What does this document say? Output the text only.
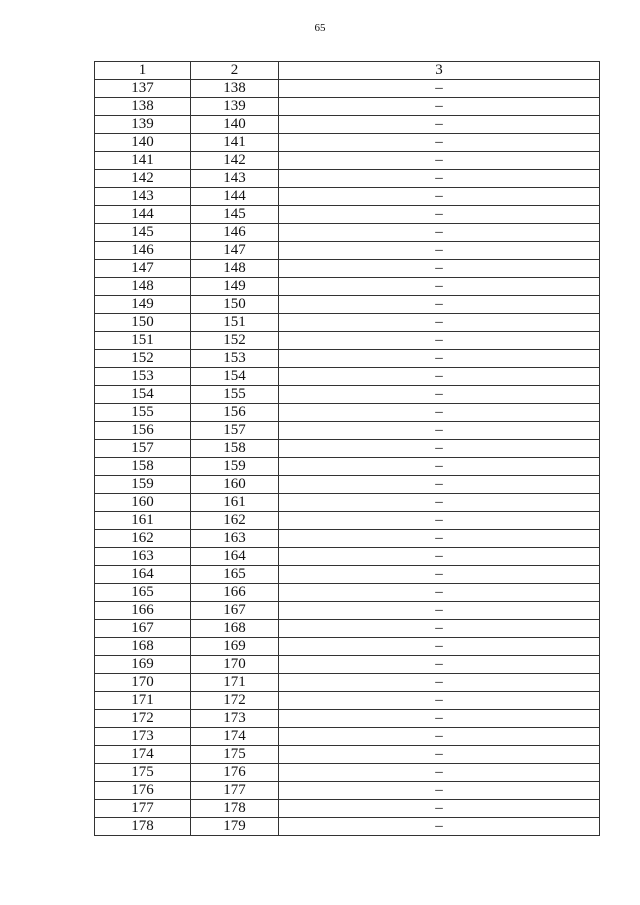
65
1	2	3
137	138	–
138	139	–
139	140	–
140	141	–
141	142	–
142	143	–
143	144	–
144	145	–
145	146	–
146	147	–
147	148	–
148	149	–
149	150	–
150	151	–
151	152	–
152	153	–
153	154	–
154	155	–
155	156	–
156	157	–
157	158	–
158	159	–
159	160	–
160	161	–
161	162	–
162	163	–
163	164	–
164	165	–
165	166	–
166	167	–
167	168	–
168	169	–
169	170	–
170	171	–
171	172	–
172	173	–
173	174	–
174	175	–
175	176	–
176	177	–
177	178	–
178	179	–
